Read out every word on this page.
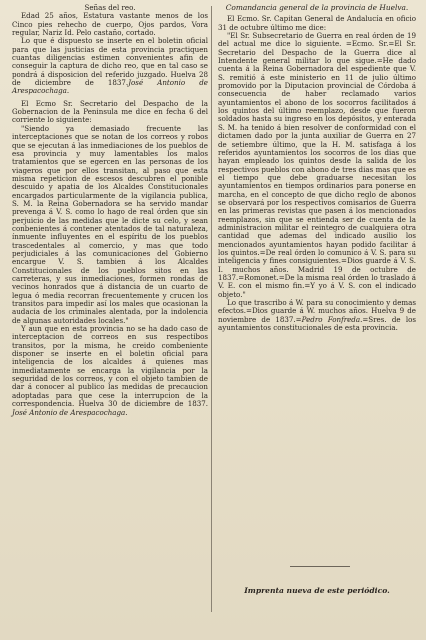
Señas del reo.

Edad 25 años, Estatura vastante menos de los Cinco pies rehecho de cuerpo, Ojos pardos, Vora regular, Nariz Id. Pelo castaño, cortado.

Lo que é dispuesto se inserte en el boletin oficial para que las justicias de esta provincia practiquen cuantas diligencias estimen convenientes afin de conseguir la captura de dicho reo, que en tal caso se pondrá á disposicion del referido juzgado. Huelva 28 de diciembre de 1837.José Antonio de Arespacochaga.

El Ecmo Sr. Secretario del Despacho de la Gobernacion de la Peninsula me dice en fecha 6 del corriente lo siguiente:

"Siendo ya demasiado frecuente las interceptaciones que se notan de los correos y robos que se ejecutan á las inmediaciones de los pueblos de esa provincia y muy lamentables los malos tratamientos que se egercen en las personas de los viageros que por ellos transitan, al paso que esta misma repeticion de escesos descubren el ponible descuido y apatia de los Alcaldes Constitucionales encargados particularmente de la vigilancia publica, S. M. la Reina Gobernadora se ha servido mandar prevenga á V. S. como lo hago de real órden que sin perjuicio de las medidas que le dicte su celo, y sean conbenientes á contener atentados de tal naturaleza, ínmuente influyentes en el espíritu de los pueblos trascedentales al comercio, y mas que todo perjudiciales á las comunicaciones del Gobierno encargue V. S. tambien á los Alcaldes Constitucionales de los pueblos sitos en las carreteras, y sus inmediaciones, formen rondas de vecinos honrados que á distancia de un cuarto de legua ó media recorran frecuentemente y crucen los transitos para impedir así los males que ocasionan la audacia de los criminales alentada, por la indolencia de algunas autoridades locales."

Y aun que en esta provincia no se ha dado caso de interceptacion de correos en sus respectibos transitos, por la misma, he creido combeniente disponer se inserte en el boletin oficial para inteligencia de los alcaldes á quienes mas inmediatamente se encarga la vigilancia por la seguridad de los correos, y con el objeto tambien de dar á conocer al publico las medidas de precaucion adoptadas para que cese la interrupcion de la correspondencia. Huelva 30 de diciembre de 1837. José Antonio de Arespacochaga.

Comandancia general de la provincia de Huelva.

El Ecmo. Sr. Capitan General de Andalucía en oficio 31 de octubre último me dice:

"El Sr. Subsecretario de Guerra en real órden de 19 del actual me dice lo siguiente. =Ecmo. Sr.=El Sr. Secretario del Despacho de la Guerra dice al Intendente general militar lo que sigue.=He dado cuenta á la Reina Gobernadora del espediente que V. S. remitió á este ministerio en 11 de julio último promovido por la Diputacion provincial de Córdoba á consecuencia de haber reclamado varios ayuntamientos el abono de los socorros facilitados á los quintos del último reemplazo, desde que fueron soldados hasta su ingreso en los depósitos, y enterada S. M. ha tenido á bien resolver de conformidad con el dictamen dado por la junta auxiliar de Guerra en 27 de setiembre último, que la H. M. satisfaga á los referidos ayuntamientos los socorros de los dias que hayan empleado los quintos desde la salida de los respectivos pueblos con abono de tres dias mas que es el tiempo que debe graduarse necesitan los ayuntamientos en tiempos ordinarios para ponerse en marcha, en el concepto de que dicho reglo de abonos se observará por los respectivos comisarios de Guerra en las primeras revistas que pasen á los mencionados reemplazos, sin que se entienda ser de cuenta de la administracion militar el reintegro de cualquiera otra cantidad que ademas del indicado ausilio los mencionados ayuntamientos hayan podido facilitar á los quintos.=De real órden lo comunico á V. S. para su inteligencia y fines consiguientes.=Dios guarde á V. S. I. muchos años. Madrid 19 de octubre de 1837.=Romonet.=De la misma real órden lo traslado á V. E. con el mismo fin.=Y yo á V. S. con el indicado objeto."

Lo que trascribo á W. para su conocimiento y demas efectos.=Dios guarde á W. muchos años. Huelva 9 de noviembre de 1837.=Pedro Fonfreda.=Sres. de los ayuntamientos constitucionales de esta provincia.

Imprenta nueva de este periódico.
